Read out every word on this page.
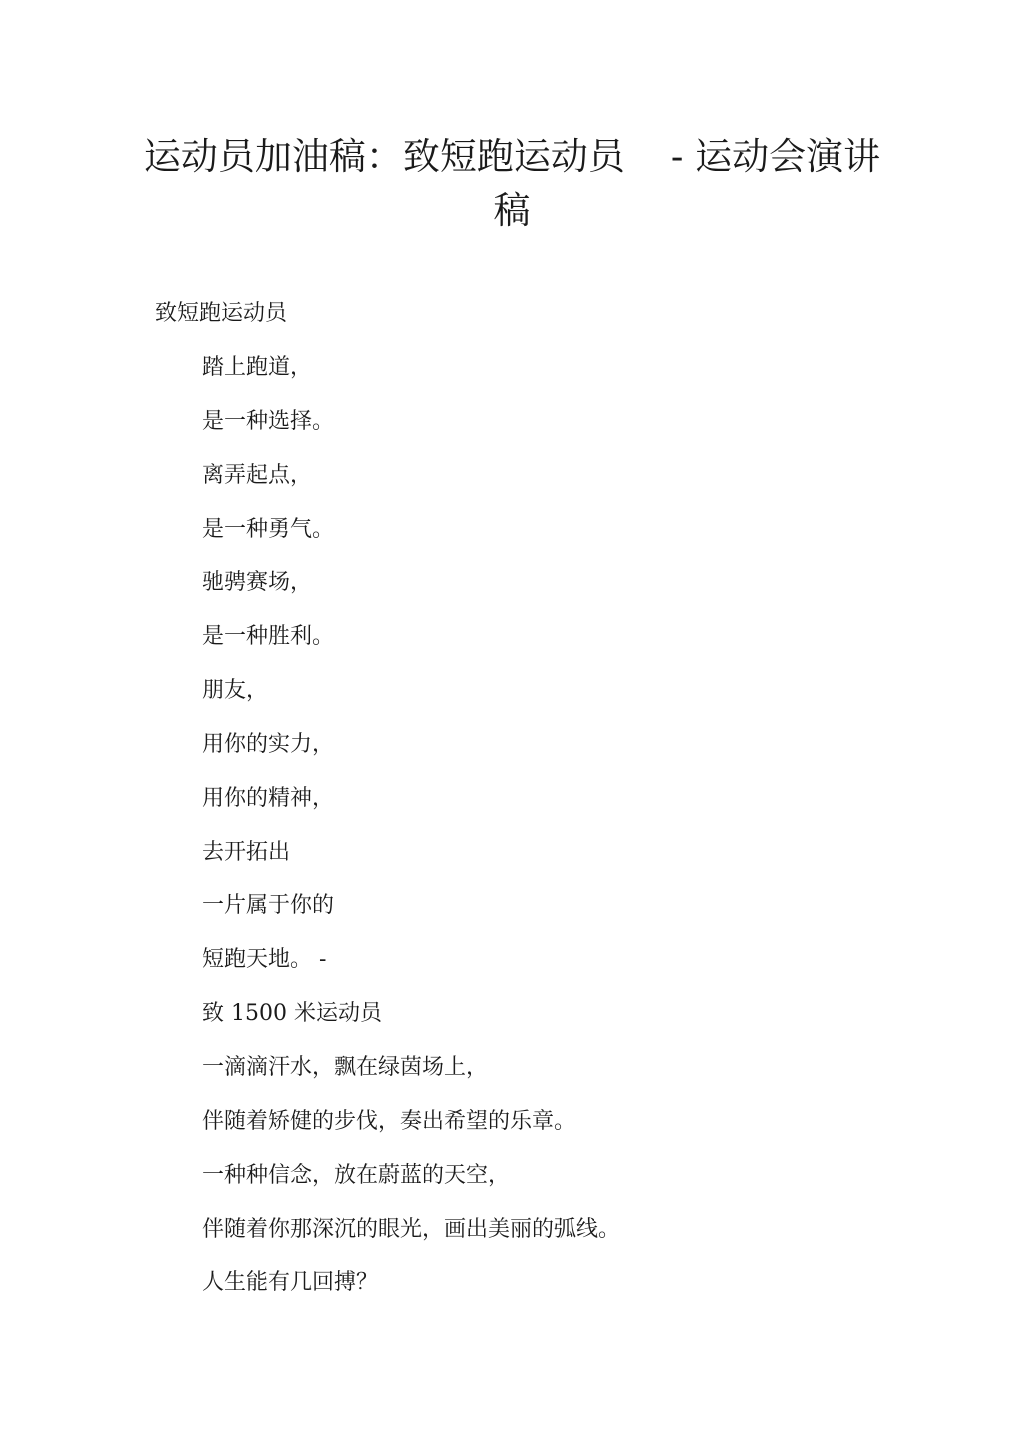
运动员加油稿：致短跑运动员 - 运动会演讲
稿

致短跑运动员

踏上跑道，
是一种选择。
离弄起点，
是一种勇气。
驰骋赛场，
是一种胜利。
朋友，
用你的实力，
用你的精神，
去开拓出
一片属于你的
短跑天地。 -
致 1500 米运动员
一滴滴汗水，飘在绿茵场上，
伴随着矫健的步伐，奏出希望的乐章。
一种种信念，放在蔚蓝的天空，
伴随着你那深沉的眼光，画出美丽的弧线。
人生能有几回搏？
